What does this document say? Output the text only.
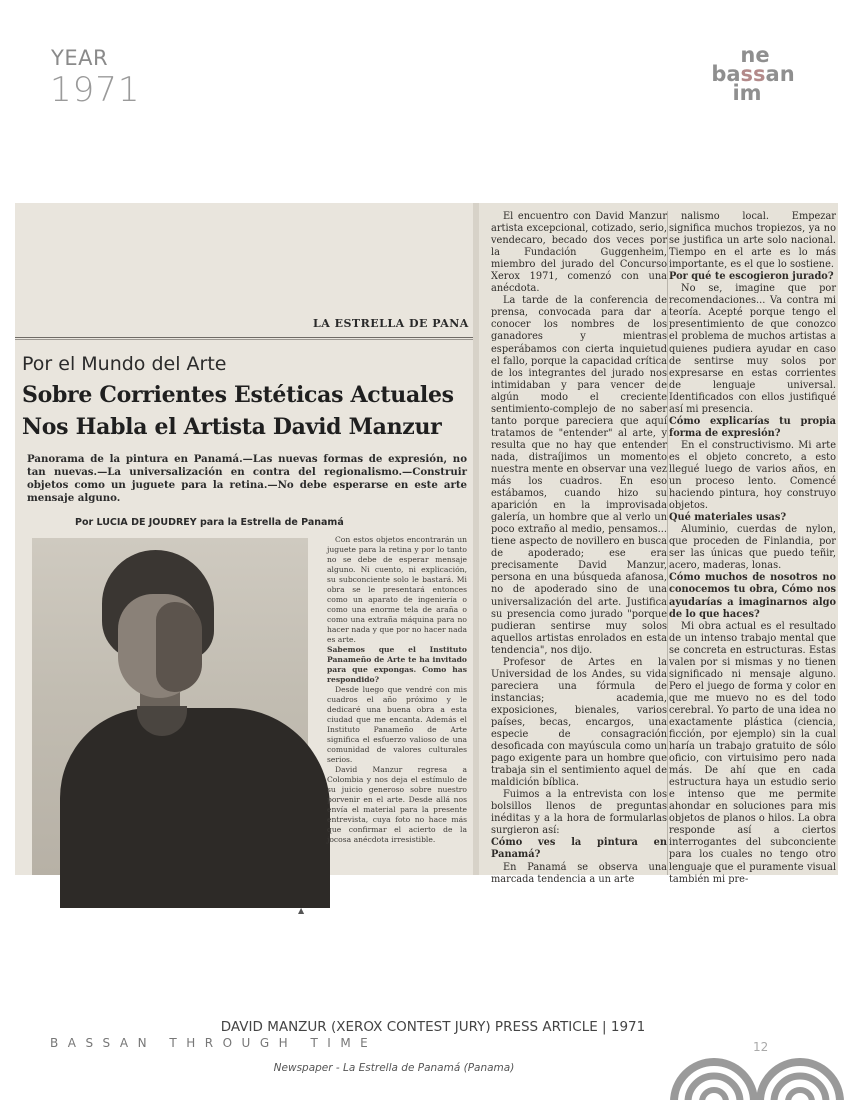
YEAR
1971
ne
bassan
im
LA ESTRELLA DE PANA
Por el Mundo del Arte
Sobre Corrientes Estéticas Actuales
Nos Habla el Artista David Manzur
Panorama de la pintura en Panamá.—Las nuevas formas de expresión, no tan nuevas.—La universalización en contra del regionalismo.—Construir objetos como un juguete para la retina.—No debe esperarse en este arte mensaje alguno.
Por LUCIA DE JOUDREY para la Estrella de Panamá

Con estos objetos encontrarán un juguete para la retina y por lo tanto no se debe de esperar mensaje alguno. Ni cuento, ni explicación, su subconciente solo le bastará. Mi obra se le presentará entonces como un aparato de ingeniería o como una enorme tela de araña o como una extraña máquina para no hacer nada y que por no hacer nada es arte.

Sabemos que el Instituto Panameño de Arte te ha invitado para que expongas. Como has respondido?

Desde luego que vendré con mis cuadros el año próximo y le dedicaré una buena obra a esta ciudad que me encanta. Además el Instituto Panameño de Arte significa el esfuerzo valioso de una comunidad de valores culturales serios.

David Manzur regresa a Colombia y nos deja el estímulo de su juicio generoso sobre nuestro porvenir en el arte. Desde allá nos envía el material para la presente entrevista, cuya foto no hace más que confirmar el acierto de la jocosa anécdota irresistible.

El encuentro con David Manzur artista excepcional, cotizado, serio, vendecaro, becado dos veces por la Fundación Guggenheim, miembro del jurado del Concurso Xerox 1971, comenzó con una anécdota.

La tarde de la conferencia de prensa, convocada para dar a conocer los nombres de los ganadores y mientras esperábamos con cierta inquietud el fallo, porque la capacidad crítica de los integrantes del jurado nos intimidaban y para vencer de algún modo el creciente sentimiento-complejo de no saber tanto porque pareciera que aquí tratamos de "entender" al arte, y resulta que no hay que entender nada, distraíjimos un momento nuestra mente en observar una vez más los cuadros. En eso estábamos, cuando hizo su aparición en la improvisada galería, un hombre que al verlo un poco extraño al medio, pensamos... tiene aspecto de novillero en busca de apoderado; ese era precisamente David Manzur, persona en una búsqueda afanosa, no de apoderado sino de una universalización del arte. Justifica su presencia como jurado "porque pudieran sentirse muy solos aquellos artistas enrolados en esta tendencia", nos dijo.

Profesor de Artes en la Universidad de los Andes, su vida pareciera una fórmula de instancias; academia, exposiciones, bienales, varios países, becas, encargos, una especie de consagración desoficada con mayúscula como un pago exigente para un hombre que trabaja sin el sentimiento aquel de maldición bíblica.

Fuimos a la entrevista con los bolsillos llenos de preguntas inéditas y a la hora de formularlas surgieron así:

Cómo ves la pintura en Panamá?

En Panamá se observa una marcada tendencia a un arte

nalismo local. Empezar significa muchos tropiezos, ya no se justifica un arte solo nacional. Tiempo en el arte es lo más importante, es el que lo sostiene.

Por qué te escogieron jurado?

No se, imagine que por recomendaciones... Va contra mi teoría. Acepté porque tengo el presentimiento de que conozco el problema de muchos artistas a quienes pudiera ayudar en caso de sentirse muy solos por expresarse en estas corrientes de lenguaje universal. Identificados con ellos justifiqué así mi presencia.

Cómo explicarías tu propia forma de expresión?

En el constructivismo. Mi arte es el objeto concreto, a esto llegué luego de varios años, en un proceso lento. Comencé haciendo pintura, hoy construyo objetos.

Qué materiales usas?

Aluminio, cuerdas de nylon, que proceden de Finlandia, por ser las únicas que puedo teñir, acero, maderas, lonas.

Cómo muchos de nosotros no conocemos tu obra, Cómo nos ayudarías a imaginarnos algo de lo que haces?

Mi obra actual es el resultado de un intenso trabajo mental que se concreta en estructuras. Estas valen por si mismas y no tienen significado ni mensaje alguno. Pero el juego de forma y color en que me muevo no es del todo cerebral. Yo parto de una idea no exactamente plástica (ciencia, ficción, por ejemplo) sin la cual haría un trabajo gratuito de sólo oficio, con virtuisimo pero nada más. De ahí que en cada estructura haya un estudio serio e intenso que me permite ahondar en soluciones para mis objetos de planos o hilos. La obra responde así a ciertos interrogantes del subconciente para los cuales no tengo otro lenguaje que el puramente visual también mi pre-

▲
DAVID MANZUR (XEROX CONTEST JURY) PRESS ARTICLE | 1971
BASSAN THROUGH TIME	12
Newspaper - La Estrella de Panamá (Panama)
